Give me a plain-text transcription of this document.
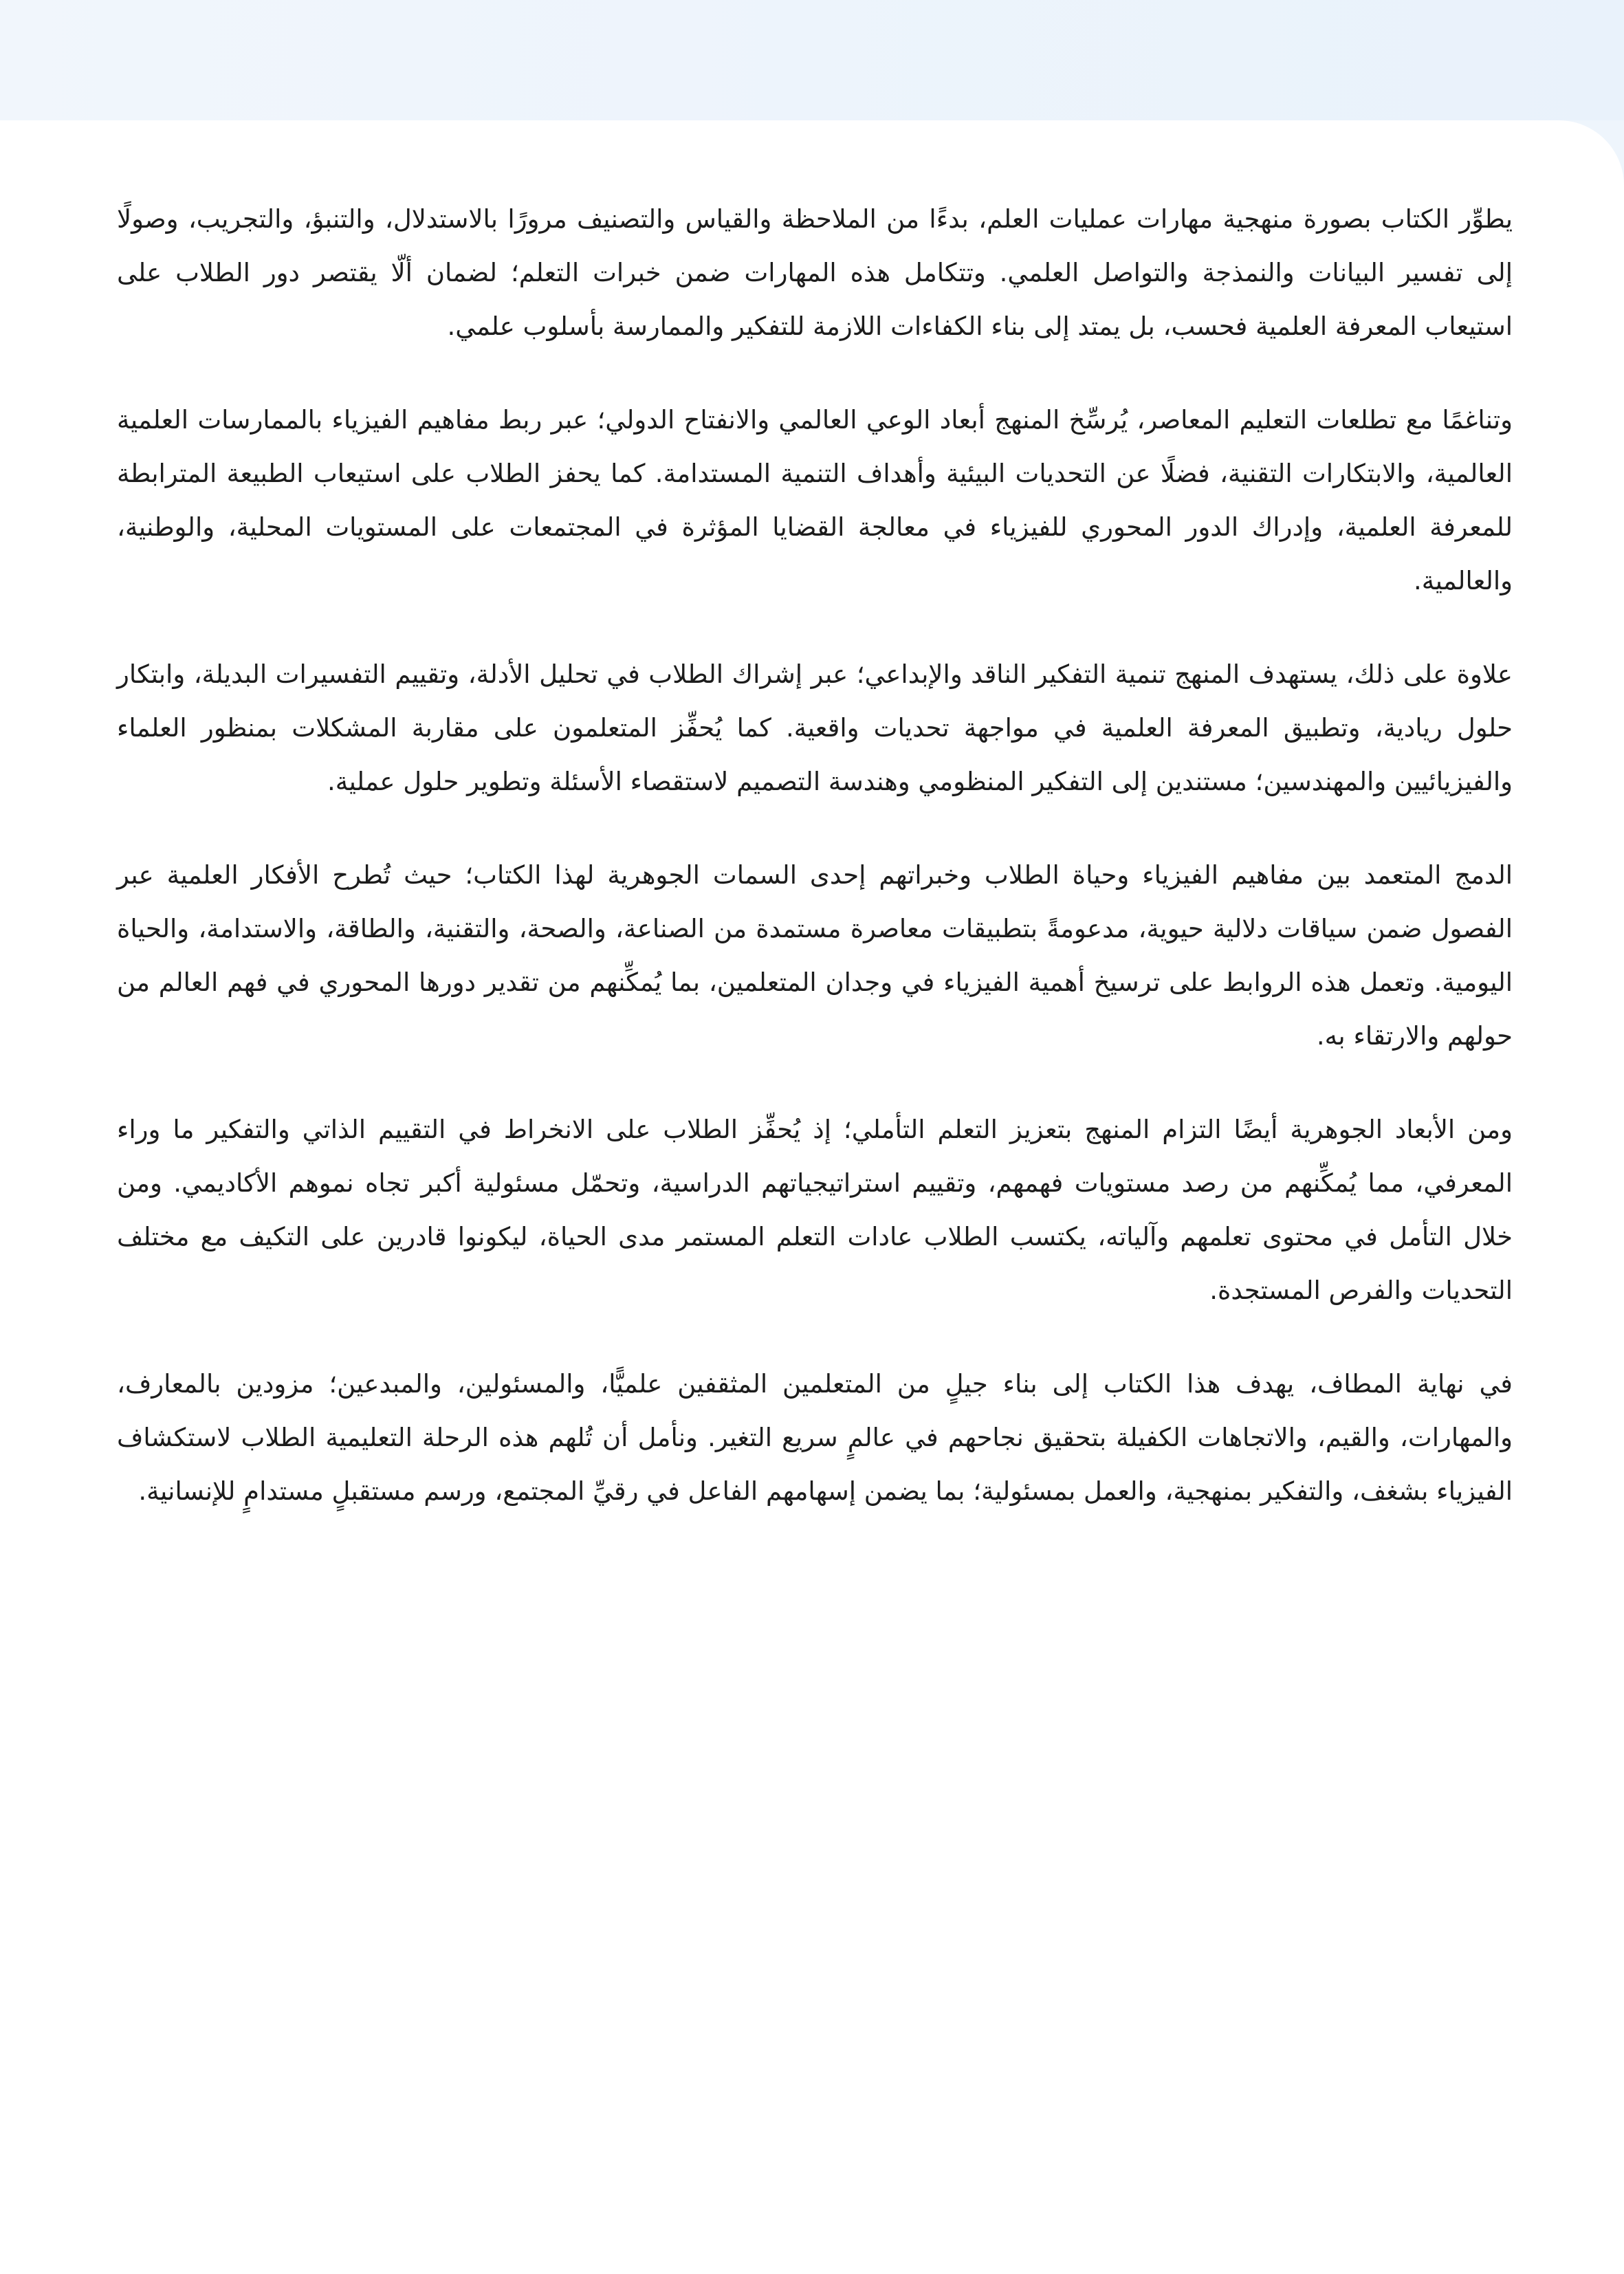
يطوِّر الكتاب بصورة منهجية مهارات عمليات العلم، بدءًا من الملاحظة والقياس والتصنيف مرورًا بالاستدلال، والتنبؤ، والتجريب، وصولًا إلى تفسير البيانات والنمذجة والتواصل العلمي. وتتكامل هذه المهارات ضمن خبرات التعلم؛ لضمان ألّا يقتصر دور الطلاب على استيعاب المعرفة العلمية فحسب، بل يمتد إلى بناء الكفاءات اللازمة للتفكير والممارسة بأسلوب علمي.

وتناغمًا مع تطلعات التعليم المعاصر، يُرسِّخ المنهج أبعاد الوعي العالمي والانفتاح الدولي؛ عبر ربط مفاهيم الفيزياء بالممارسات العلمية العالمية، والابتكارات التقنية، فضلًا عن التحديات البيئية وأهداف التنمية المستدامة. كما يحفز الطلاب على استيعاب الطبيعة المترابطة للمعرفة العلمية، وإدراك الدور المحوري للفيزياء في معالجة القضايا المؤثرة في المجتمعات على المستويات المحلية، والوطنية، والعالمية.

علاوة على ذلك، يستهدف المنهج تنمية التفكير الناقد والإبداعي؛ عبر إشراك الطلاب في تحليل الأدلة، وتقييم التفسيرات البديلة، وابتكار حلول ريادية، وتطبيق المعرفة العلمية في مواجهة تحديات واقعية. كما يُحفِّز المتعلمون على مقاربة المشكلات بمنظور العلماء والفيزيائيين والمهندسين؛ مستندين إلى التفكير المنظومي وهندسة التصميم لاستقصاء الأسئلة وتطوير حلول عملية.

الدمج المتعمد بين مفاهيم الفيزياء وحياة الطلاب وخبراتهم إحدى السمات الجوهرية لهذا الكتاب؛ حيث تُطرح الأفكار العلمية عبر الفصول ضمن سياقات دلالية حيوية، مدعومةً بتطبيقات معاصرة مستمدة من الصناعة، والصحة، والتقنية، والطاقة، والاستدامة، والحياة اليومية. وتعمل هذه الروابط على ترسيخ أهمية الفيزياء في وجدان المتعلمين، بما يُمكِّنهم من تقدير دورها المحوري في فهم العالم من حولهم والارتقاء به.

ومن الأبعاد الجوهرية أيضًا التزام المنهج بتعزيز التعلم التأملي؛ إذ يُحفِّز الطلاب على الانخراط في التقييم الذاتي والتفكير ما وراء المعرفي، مما يُمكِّنهم من رصد مستويات فهمهم، وتقييم استراتيجياتهم الدراسية، وتحمّل مسئولية أكبر تجاه نموهم الأكاديمي. ومن خلال التأمل في محتوى تعلمهم وآلياته، يكتسب الطلاب عادات التعلم المستمر مدى الحياة، ليكونوا قادرين على التكيف مع مختلف التحديات والفرص المستجدة.

في نهاية المطاف، يهدف هذا الكتاب إلى بناء جيلٍ من المتعلمين المثقفين علميًّا، والمسئولين، والمبدعين؛ مزودين بالمعارف، والمهارات، والقيم، والاتجاهات الكفيلة بتحقيق نجاحهم في عالمٍ سريع التغير. ونأمل أن تُلهم هذه الرحلة التعليمية الطلاب لاستكشاف الفيزياء بشغف، والتفكير بمنهجية، والعمل بمسئولية؛ بما يضمن إسهامهم الفاعل في رقيِّ المجتمع، ورسم مستقبلٍ مستدامٍ للإنسانية.
